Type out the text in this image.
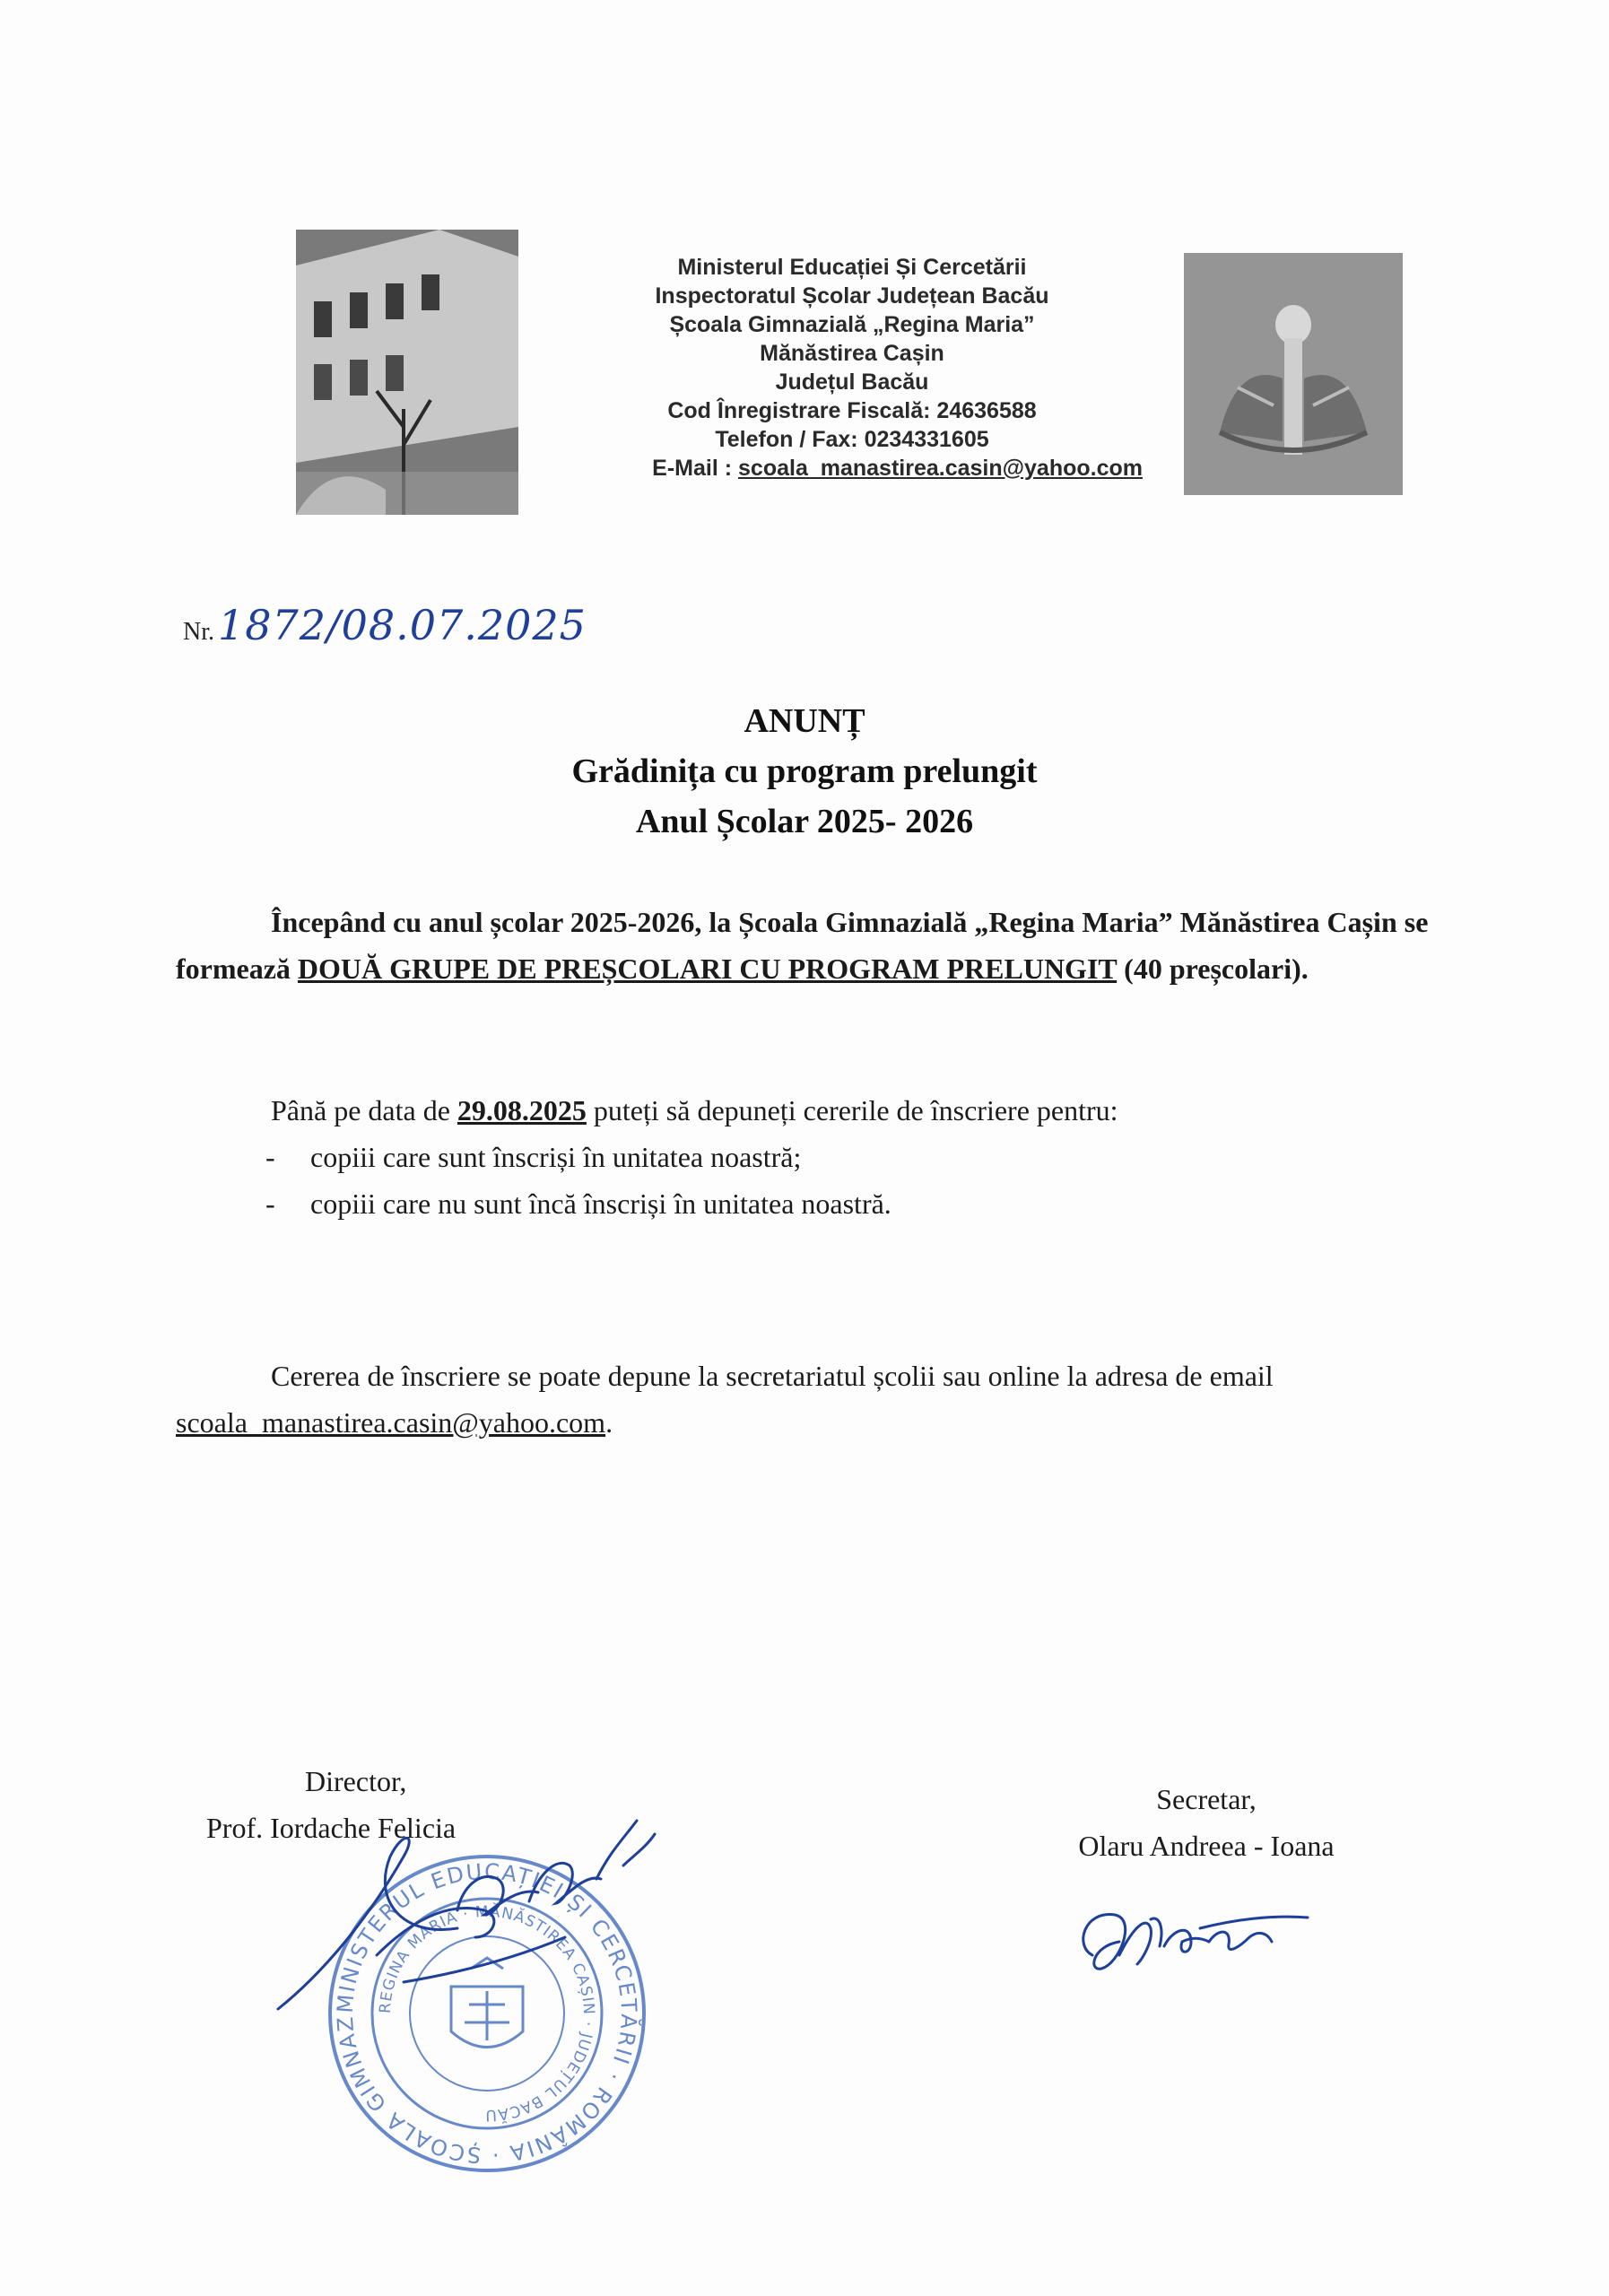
Ministerul Educației Și Cercetării
Inspectoratul Școlar Județean Bacău
Școala Gimnazială „Regina Maria”
Mănăstirea Cașin
Județul Bacău
Cod Înregistrare Fiscală: 24636588
Telefon / Fax: 0234331605
E-Mail : scoala_manastirea.casin@yahoo.com
Nr. 1872/08.07.2025
ANUNȚ
Grădinița cu program prelungit
Anul Școlar 2025- 2026
Începând cu anul școlar 2025-2026, la Școala Gimnazială „Regina Maria” Mănăstirea Cașin se formează DOUĂ GRUPE DE PREȘCOLARI CU PROGRAM PRELUNGIT (40 preșcolari).
Până pe data de 29.08.2025 puteți să depuneți cererile de înscriere pentru:
- copiii care sunt înscriși în unitatea noastră;
- copiii care nu sunt încă înscriși în unitatea noastră.
Cererea de înscriere se poate depune la secretariatul școlii sau online la adresa de email scoala_manastirea.casin@yahoo.com.
Director,
Prof. Iordache Felicia
MINISTERUL EDUCAȚIEI ȘI CERCETĂRII · ROMÂNIA · ȘCOALA GIMNAZ
REGINA MARIA · MĂNĂSTIREA CAȘIN · JUDEȚUL BACĂU
Secretar,
Olaru Andreea - Ioana
